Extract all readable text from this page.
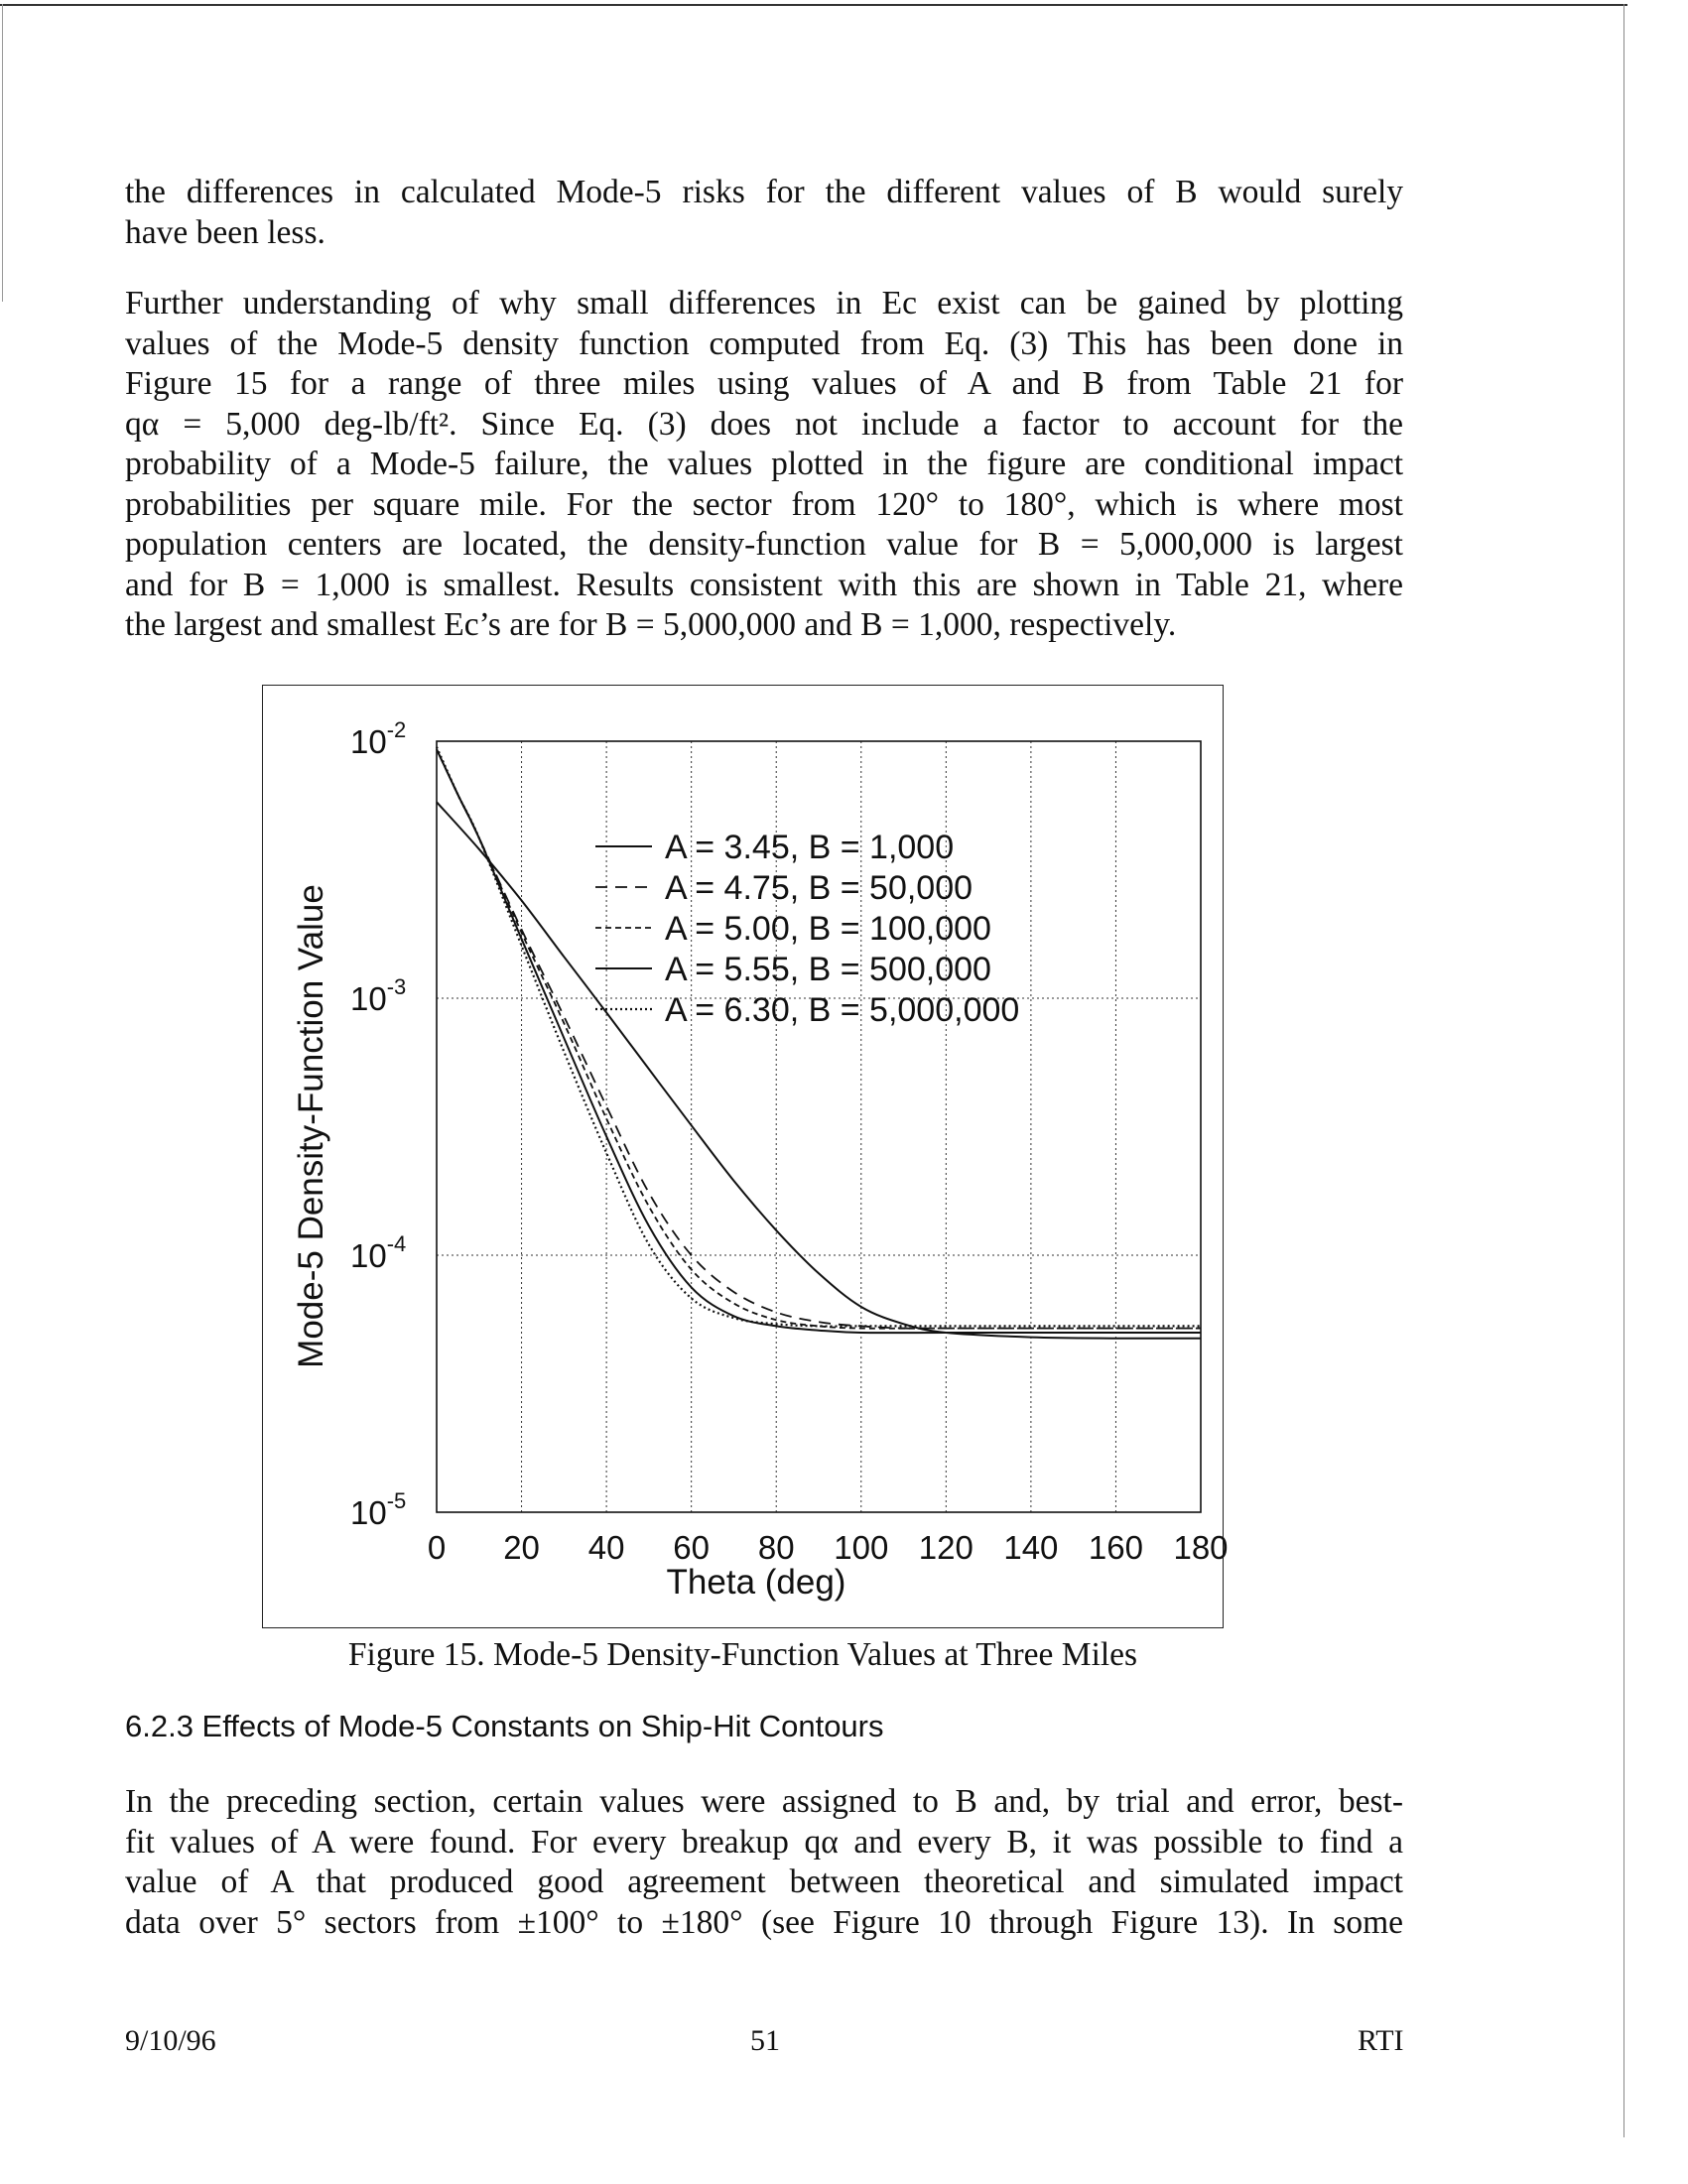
the differences in calculated Mode-5 risks for the different values of B would surely
have been less.

Further understanding of why small differences in Ec exist can be gained by plotting
values of the Mode-5 density function computed from Eq. (3) This has been done in
Figure 15 for a range of three miles using values of A and B from Table 21 for
qα = 5,000 deg-lb/ft². Since Eq. (3) does not include a factor to account for the
probability of a Mode-5 failure, the values plotted in the figure are conditional impact
probabilities per square mile. For the sector from 120° to 180°, which is where most
population centers are located, the density-function value for B = 5,000,000 is largest
and for B = 1,000 is smallest. Results consistent with this are shown in Table 21, where
the largest and smallest Ec’s are for B = 5,000,000 and B = 1,000, respectively.

0 20 40 60 80 100 120 140 160 180
$10^{-2}$
$10^{-3}$
$10^{-4}$
$10^{-5}$
A = 3.45, B = 1,000
A = 4.75, B = 50,000
A = 5.00, B = 100,000
A = 5.55, B = 500,000
A = 6.30, B = 5,000,000
Theta (deg)
Mode-5 Density-Function Value
Figure 15. Mode-5 Density-Function Values at Three Miles
6.2.3 Effects of Mode-5 Constants on Ship-Hit Contours

In the preceding section, certain values were assigned to B and, by trial and error, best-
fit values of A were found. For every breakup qα and every B, it was possible to find a
value of A that produced good agreement between theoretical and simulated impact
data over 5° sectors from ±100° to ±180° (see Figure 10 through Figure 13). In some

9/10/96	51	RTI
